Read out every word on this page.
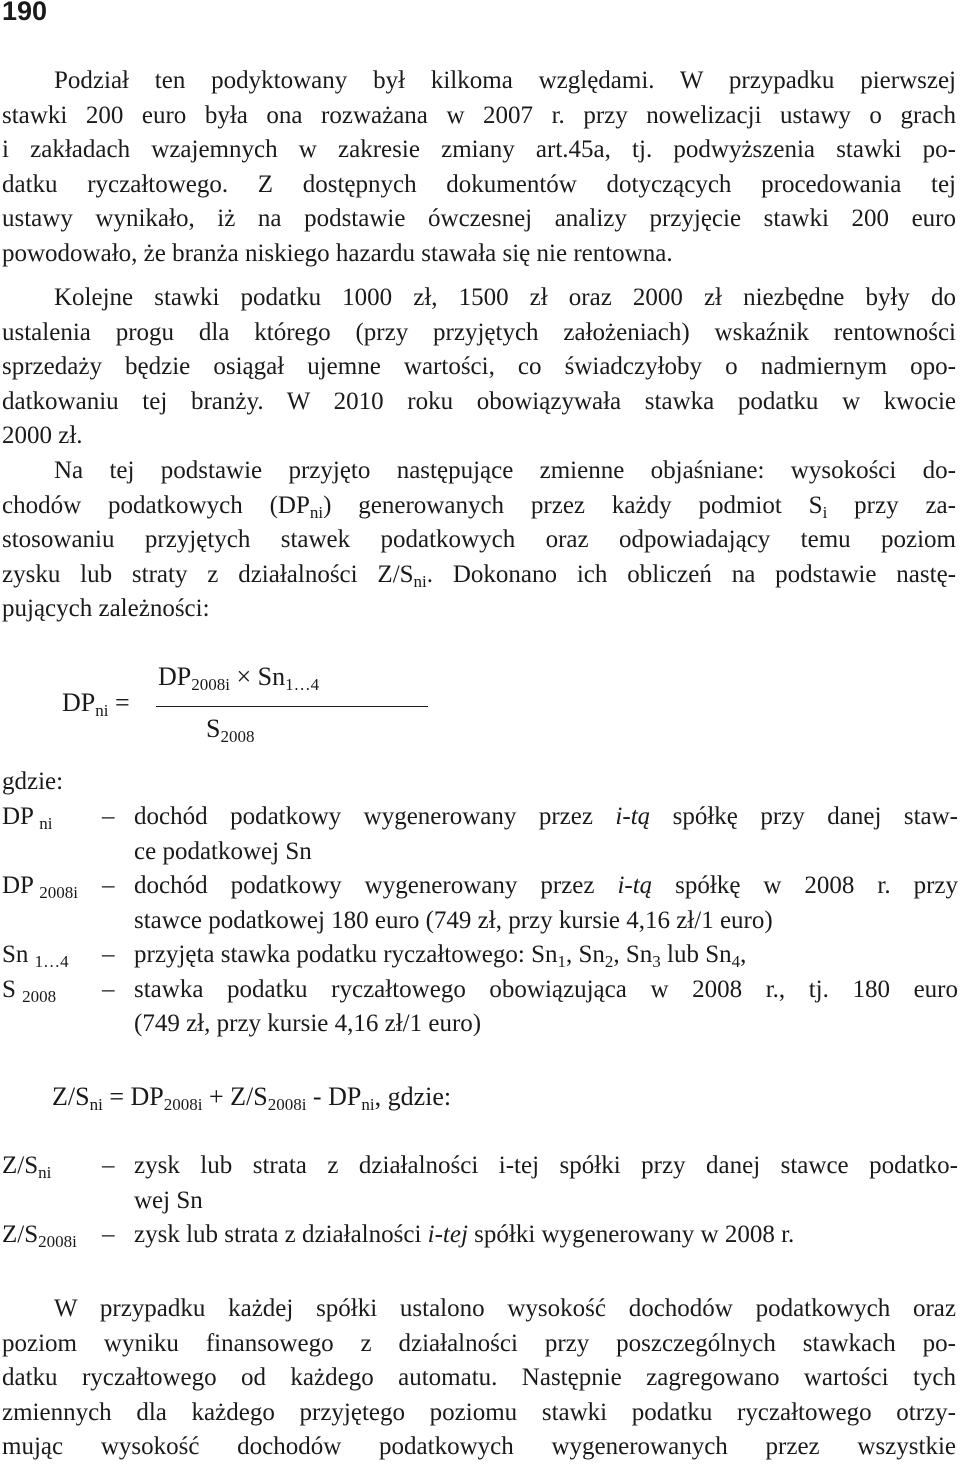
190
Podział ten podyktowany był kilkoma względami. W przypadku pierwszej
stawki 200 euro była ona rozważana w 2007 r. przy nowelizacji ustawy o grach
i zakładach wzajemnych w zakresie zmiany art.45a, tj. podwyższenia stawki po-
datku ryczałtowego. Z dostępnych dokumentów dotyczących procedowania tej
ustawy wynikało, iż na podstawie ówczesnej analizy przyjęcie stawki 200 euro
powodowało, że branża niskiego hazardu stawała się nie rentowna.
Kolejne stawki podatku 1000 zł, 1500 zł oraz 2000 zł niezbędne były do
ustalenia progu dla którego (przy przyjętych założeniach) wskaźnik rentowności
sprzedaży będzie osiągał ujemne wartości, co świadczyłoby o nadmiernym opo-
datkowaniu tej branży. W 2010 roku obowiązywała stawka podatku w kwocie
2000 zł.
Na tej podstawie przyjęto następujące zmienne objaśniane: wysokości do-
chodów podatkowych $(DP_{ni})$ generowanych przez każdy podmiot $S_i$ przy za-
stosowaniu przyjętych stawek podatkowych oraz odpowiadający temu poziom
zysku lub straty z działalności $Z/S_{ni}$. Dokonano ich obliczeń na podstawie nastę-
pujących zależności:
$DP_{ni}$ =
$DP_{2008i} \times Sn_{1\dots 4}$
$S_{2008}$
gdzie:
DP $_{ni}$ – dochód podatkowy wygenerowany przez i-tą spółkę przy danej staw-
ce podatkowej Sn
DP $_{2008i}$ – dochód podatkowy wygenerowany przez i-tą spółkę w 2008 r. przy
stawce podatkowej 180 euro (749 zł, przy kursie 4,16 zł/1 euro)
Sn $_{1\dots 4}$ – przyjęta stawka podatku ryczałtowego: $Sn_1$, $Sn_2$, $Sn_3$ lub $Sn_4$,
S $_{2008}$ – stawka podatku ryczałtowego obowiązująca w 2008 r., tj. 180 euro
(749 zł, przy kursie 4,16 zł/1 euro)
$Z/S_{ni} = DP_{2008i} + Z/S_{2008i} - DP_{ni}$, gdzie:
$Z/S_{ni}$ – zysk lub strata z działalności i-tej spółki przy danej stawce podatko-
wej Sn
$Z/S_{2008i}$ – zysk lub strata z działalności i-tej spółki wygenerowany w 2008 r.
W przypadku każdej spółki ustalono wysokość dochodów podatkowych oraz
poziom wyniku finansowego z działalności przy poszczególnych stawkach po-
datku ryczałtowego od każdego automatu. Następnie zagregowano wartości tych
zmiennych dla każdego przyjętego poziomu stawki podatku ryczałtowego otrzy-
mując wysokość dochodów podatkowych wygenerowanych przez wszystkie
